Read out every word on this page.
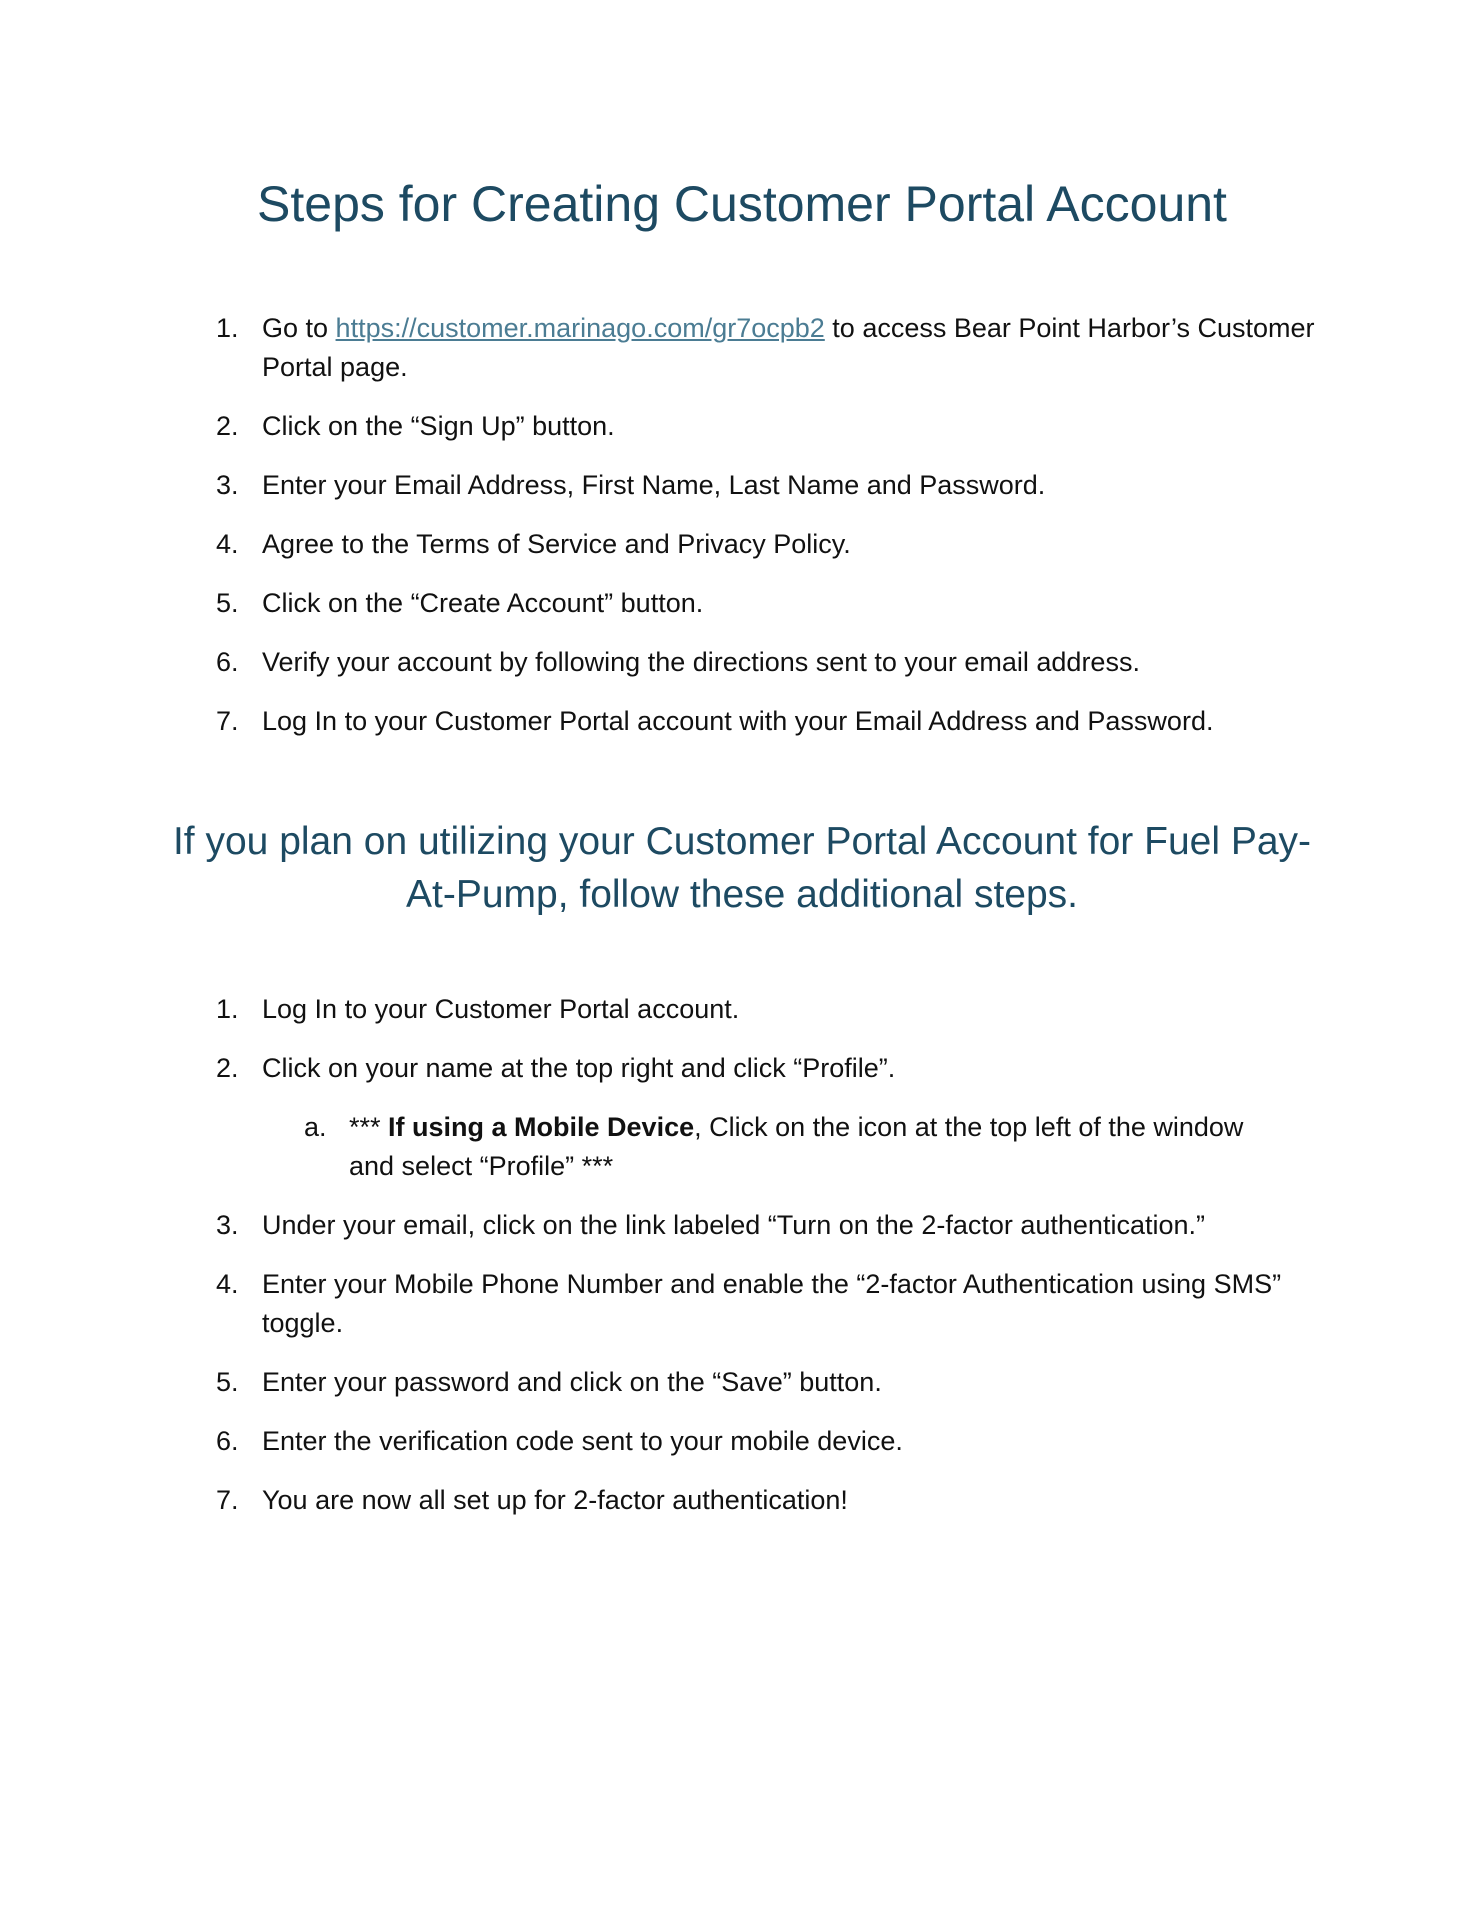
Steps for Creating Customer Portal Account
1. Go to https://customer.marinago.com/gr7ocpb2 to access Bear Point Harbor’s Customer Portal page.
2. Click on the “Sign Up” button.
3. Enter your Email Address, First Name, Last Name and Password.
4. Agree to the Terms of Service and Privacy Policy.
5. Click on the “Create Account” button.
6. Verify your account by following the directions sent to your email address.
7. Log In to your Customer Portal account with your Email Address and Password.
If you plan on utilizing your Customer Portal Account for Fuel Pay-At-Pump, follow these additional steps.
1. Log In to your Customer Portal account.
2. Click on your name at the top right and click “Profile”.
a. *** If using a Mobile Device, Click on the icon at the top left of the window and select “Profile” ***
3. Under your email, click on the link labeled “Turn on the 2-factor authentication.”
4. Enter your Mobile Phone Number and enable the “2-factor Authentication using SMS” toggle.
5. Enter your password and click on the “Save” button.
6. Enter the verification code sent to your mobile device.
7. You are now all set up for 2-factor authentication!
